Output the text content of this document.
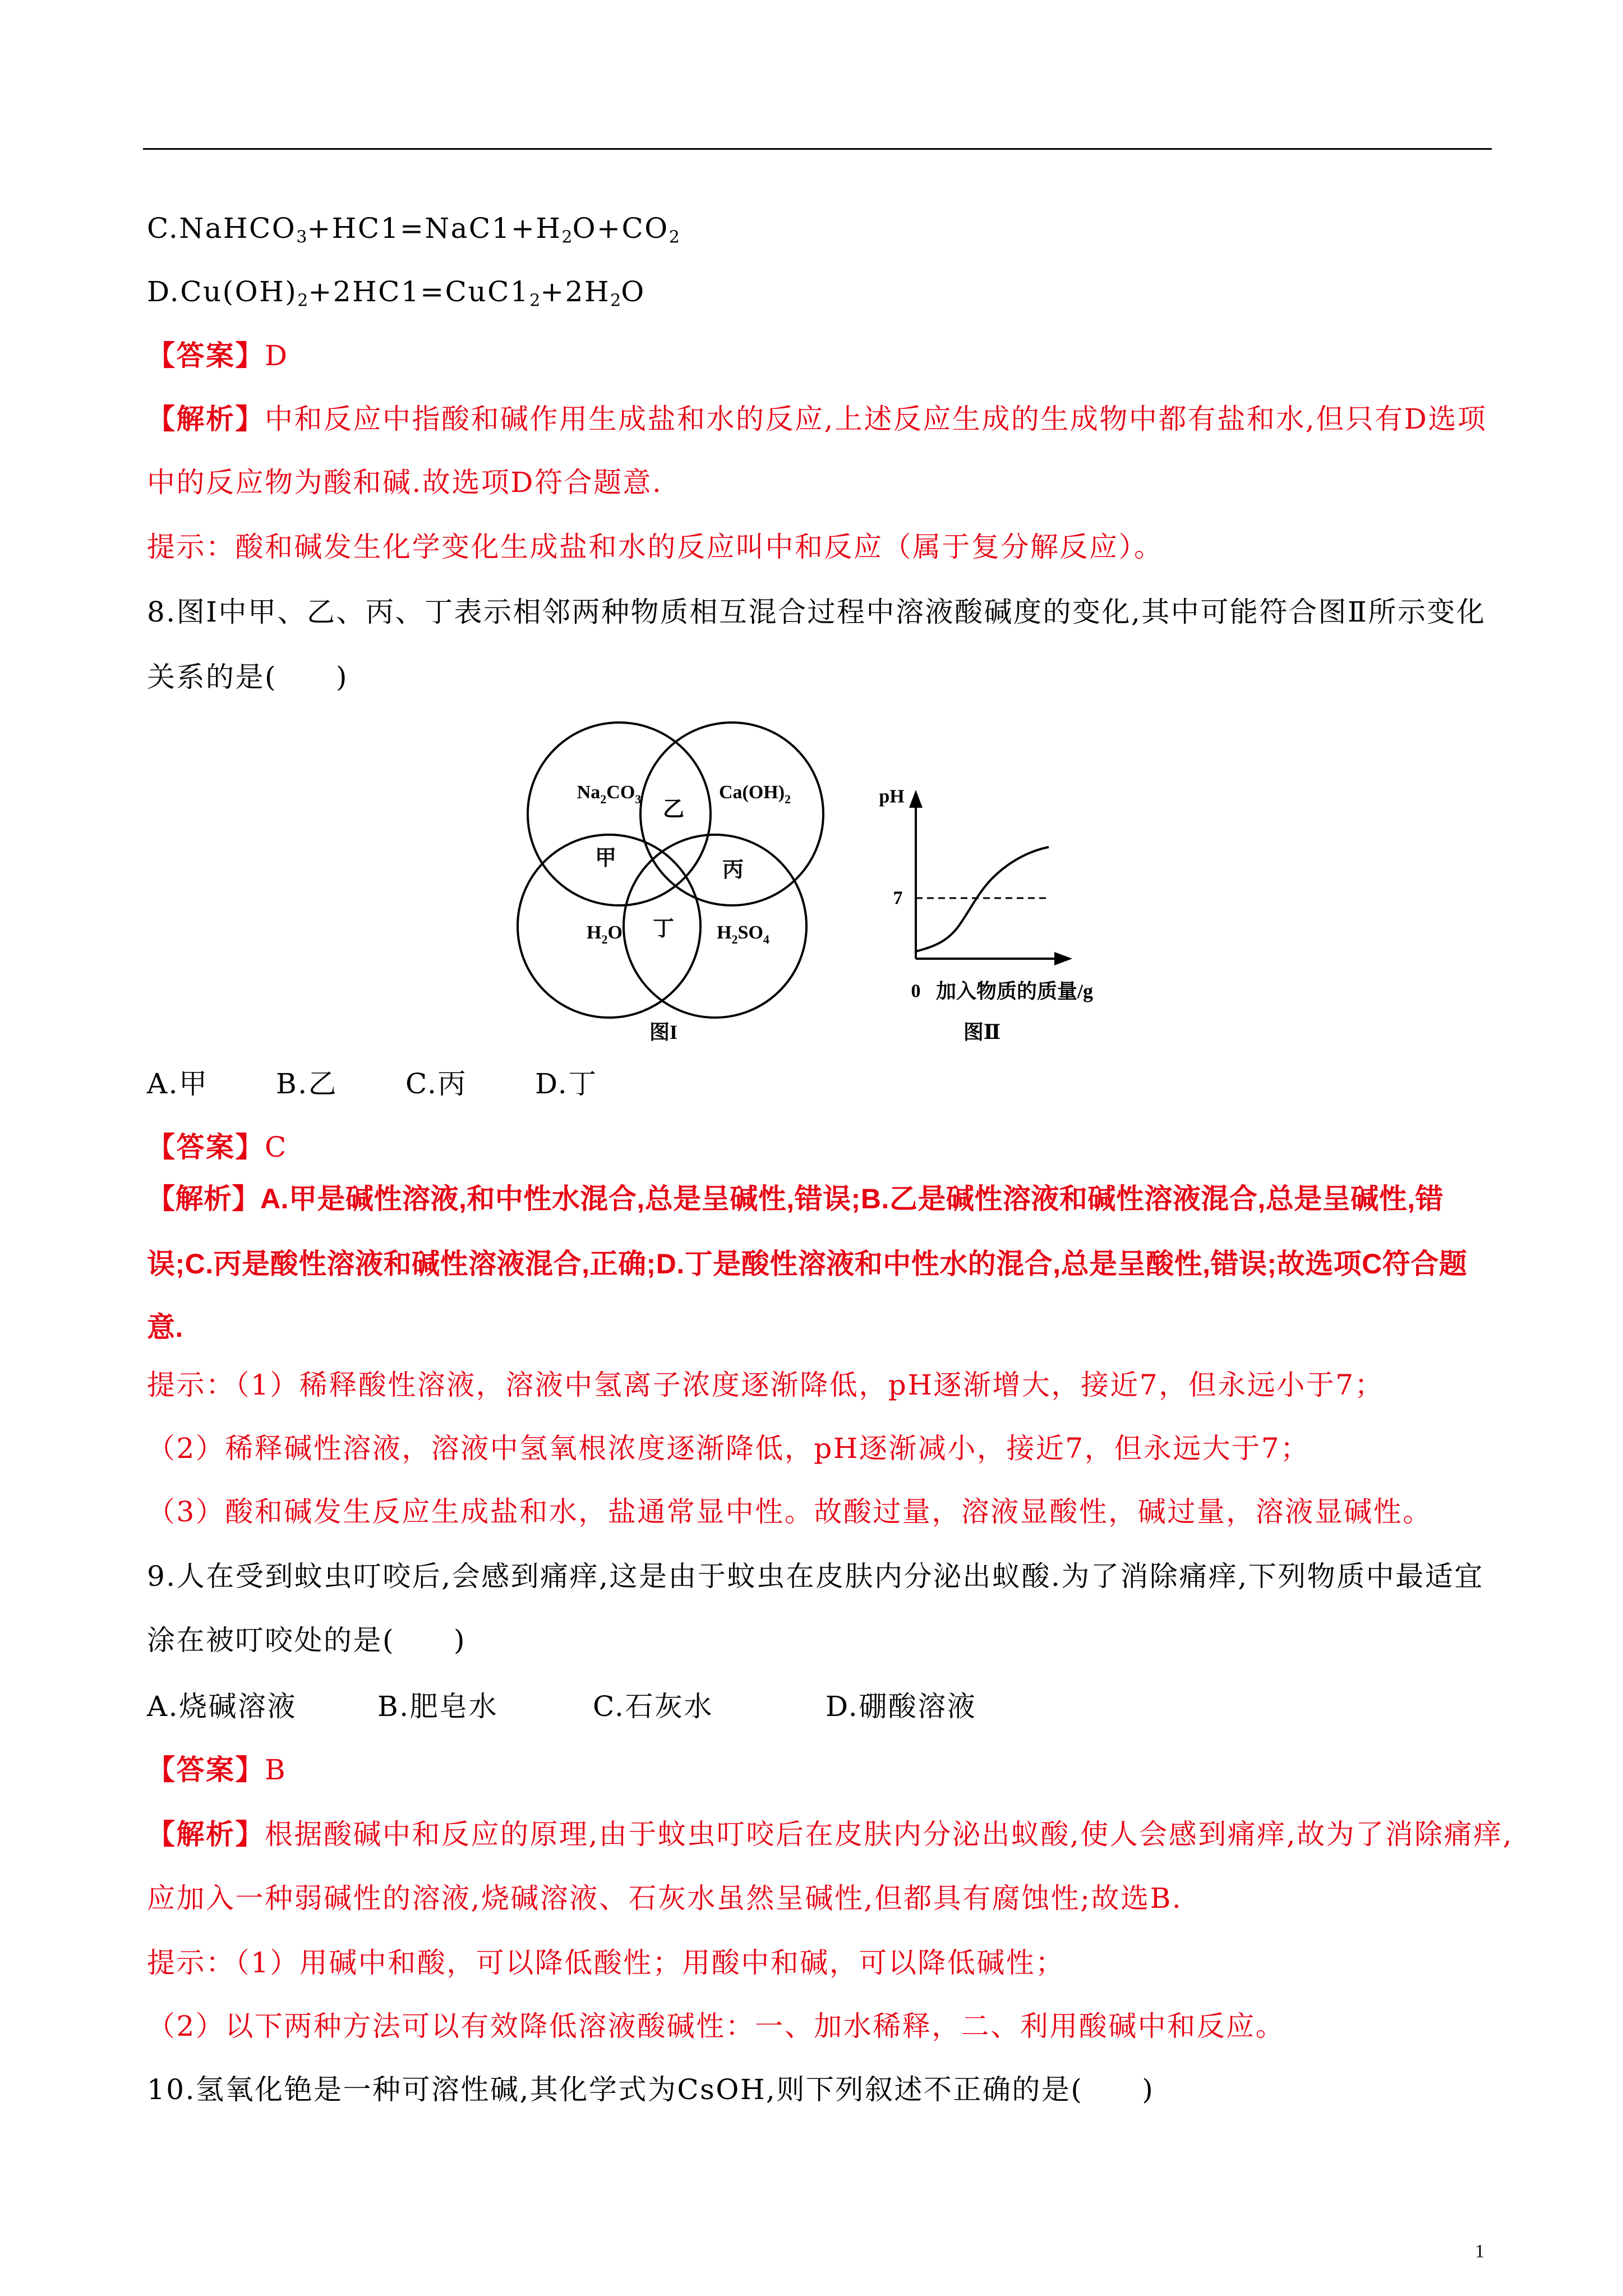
C.NaHCO3+HC1=NaC1+H2O+CO2
D.Cu(OH)2+2HC1=CuC12+2H2O
【答案】D
【解析】中和反应中指酸和碱作用生成盐和水的反应,上述反应生成的生成物中都有盐和水,但只有D选项
中的反应物为酸和碱.故选项D符合题意.
提示：酸和碱发生化学变化生成盐和水的反应叫中和反应（属于复分解反应）。
8.图Ⅰ中甲、乙、丙、丁表示相邻两种物质相互混合过程中溶液酸碱度的变化,其中可能符合图Ⅱ所示变化
关系的是(　　)
$Na_2CO_3$	$Ca(OH)_2$
乙
甲	丙
$H_2O$ 丁 $H_2SO_4$
图I
pH
7
0 加入物质的质量/g
图Ⅱ
A.甲 B.乙 C.丙 D.丁
【答案】C
【解析】A.甲是碱性溶液,和中性水混合,总是呈碱性,错误;B.乙是碱性溶液和碱性溶液混合,总是呈碱性,错
误;C.丙是酸性溶液和碱性溶液混合,正确;D.丁是酸性溶液和中性水的混合,总是呈酸性,错误;故选项C符合题
意.
提示：（1）稀释酸性溶液，溶液中氢离子浓度逐渐降低，pH逐渐增大，接近7，但永远小于7；
（2）稀释碱性溶液，溶液中氢氧根浓度逐渐降低，pH逐渐减小，接近7，但永远大于7；
（3）酸和碱发生反应生成盐和水，盐通常显中性。故酸过量，溶液显酸性，碱过量，溶液显碱性。
9.人在受到蚊虫叮咬后,会感到痛痒,这是由于蚊虫在皮肤内分泌出蚁酸.为了消除痛痒,下列物质中最适宜
涂在被叮咬处的是(　　)
A.烧碱溶液	B.肥皂水	C.石灰水	D.硼酸溶液
【答案】B
【解析】根据酸碱中和反应的原理,由于蚊虫叮咬后在皮肤内分泌出蚁酸,使人会感到痛痒,故为了消除痛痒,
应加入一种弱碱性的溶液,烧碱溶液、石灰水虽然呈碱性,但都具有腐蚀性;故选B.
提示：（1）用碱中和酸，可以降低酸性；用酸中和碱，可以降低碱性；
（2）以下两种方法可以有效降低溶液酸碱性：一、加水稀释，二、利用酸碱中和反应。
10.氢氧化铯是一种可溶性碱,其化学式为CsOH,则下列叙述不正确的是(　　)
1
